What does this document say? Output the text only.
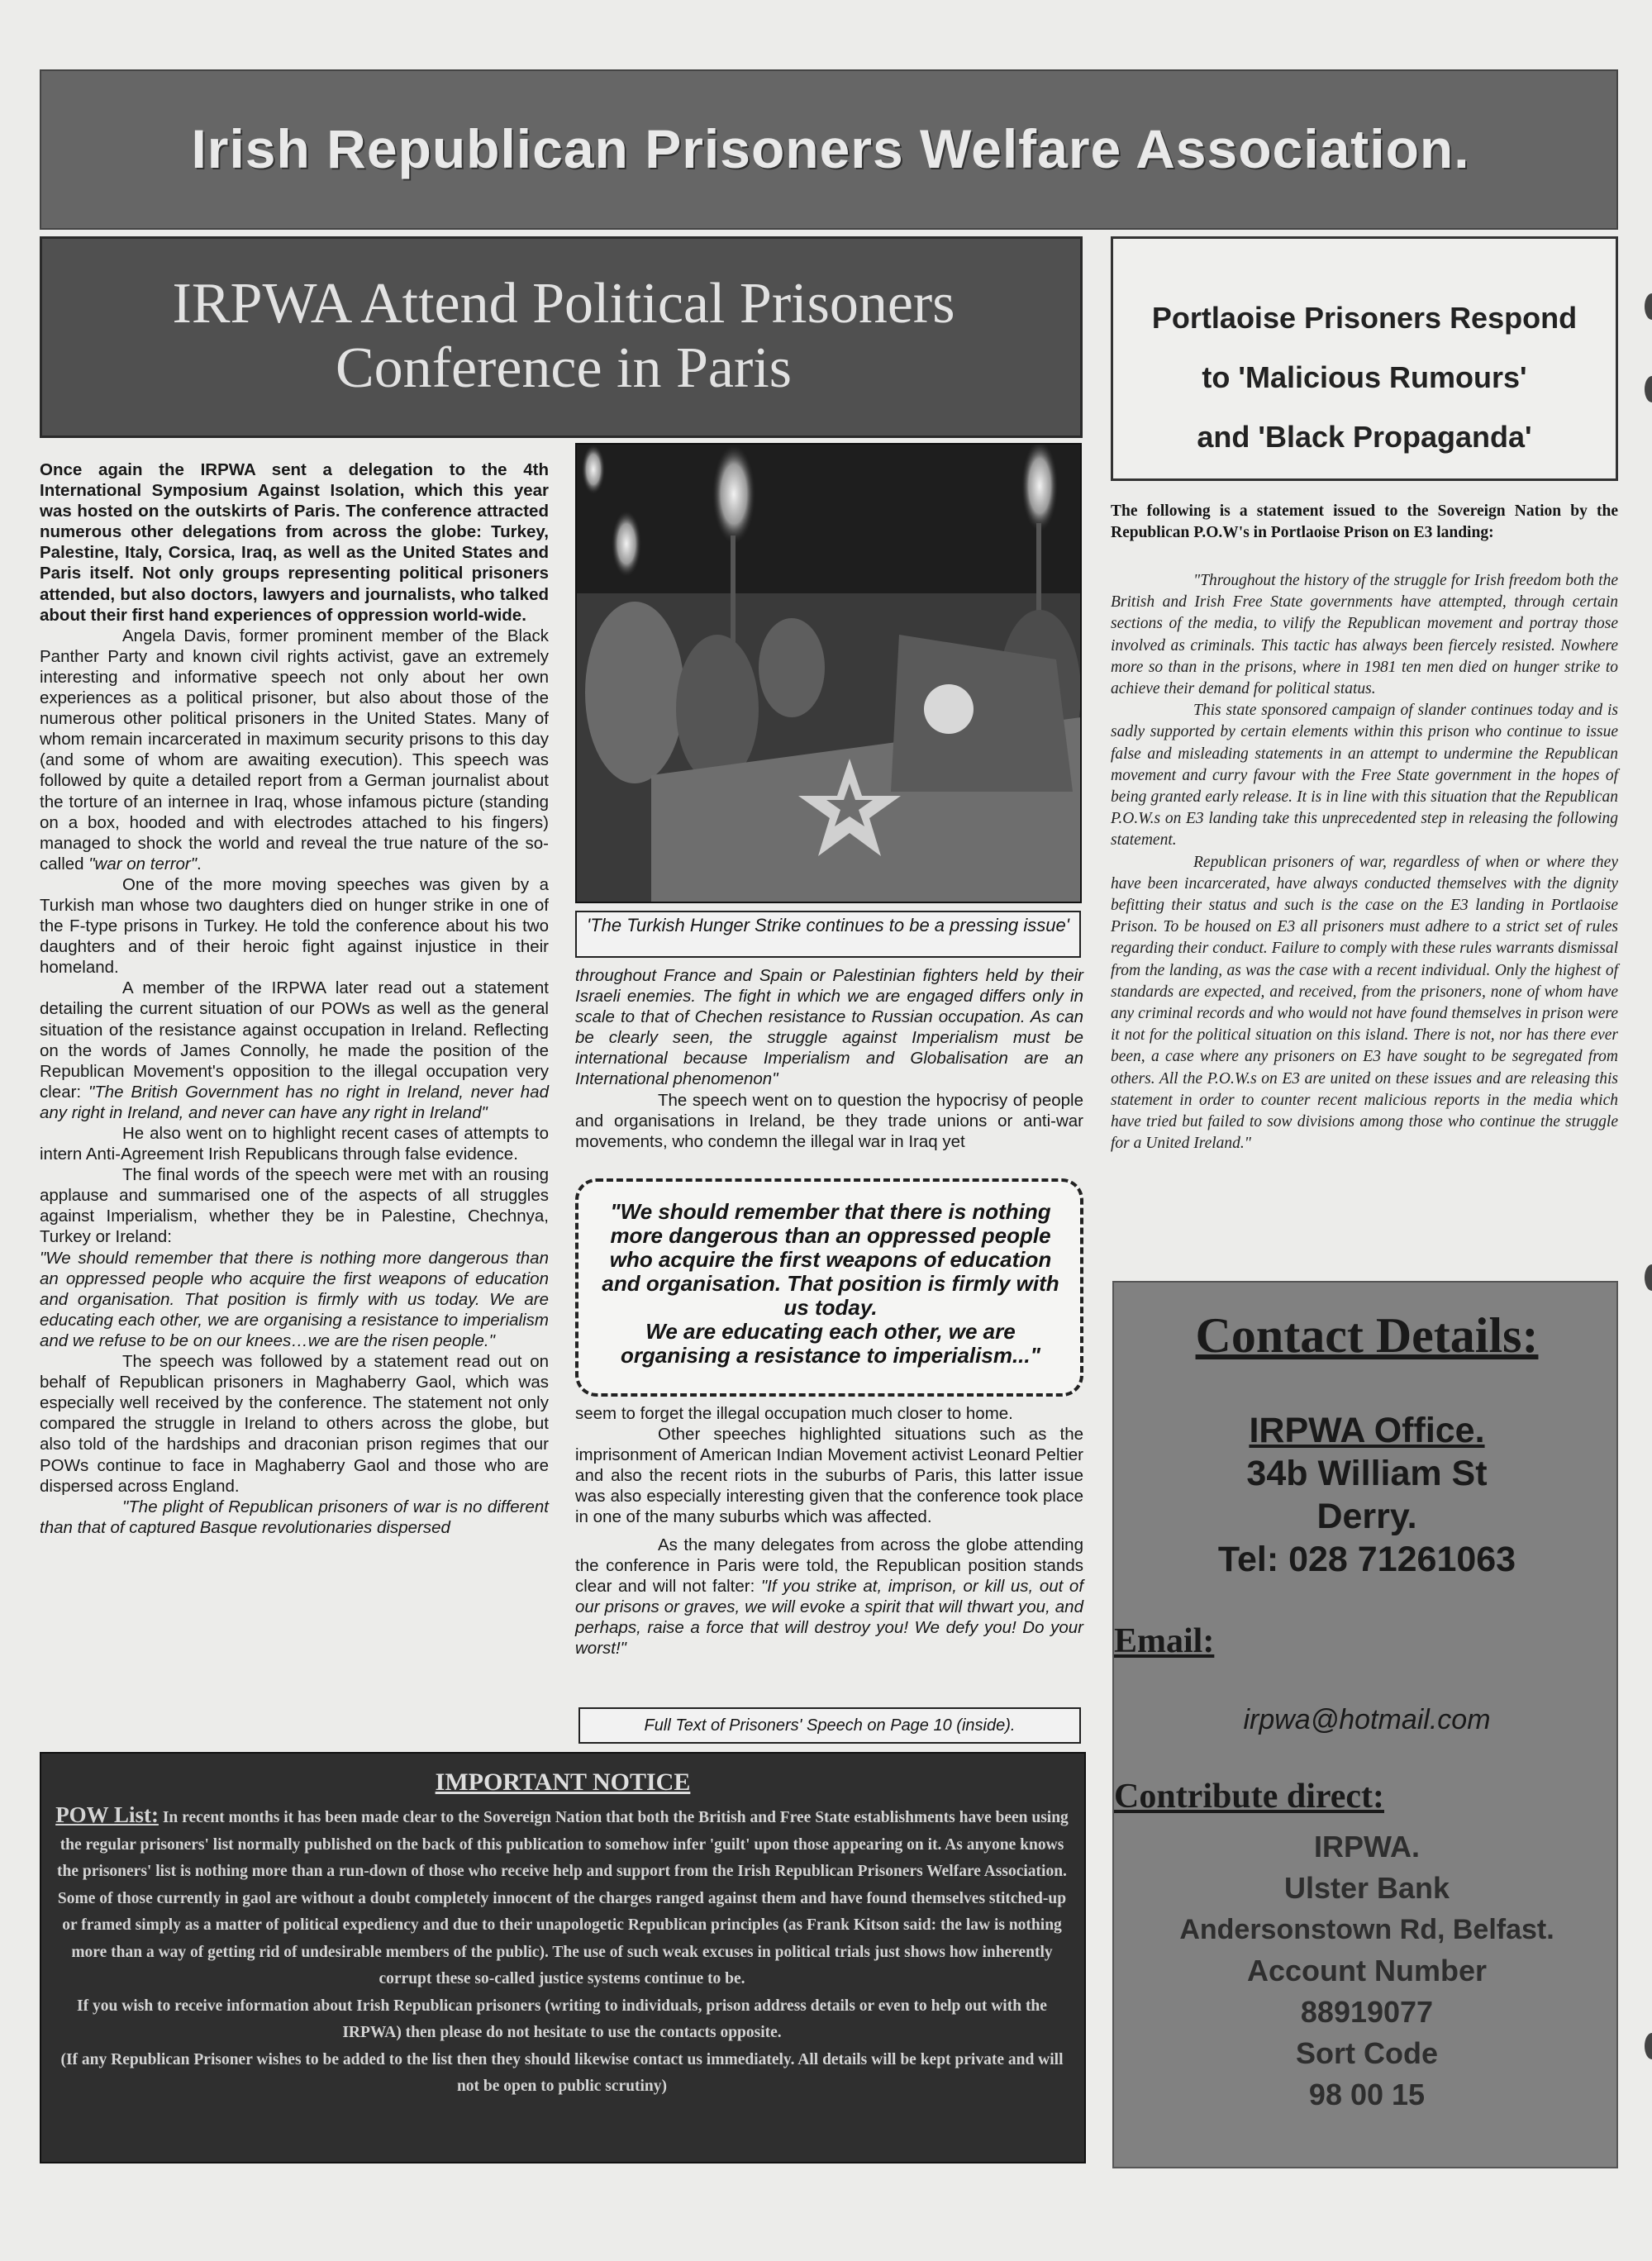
Irish Republican Prisoners Welfare Association.
IRPWA Attend Political Prisoners
Conference in Paris

Once again the IRPWA sent a delegation to the 4th International Symposium Against Isolation, which this year was hosted on the outskirts of Paris. The conference attracted numerous other delegations from across the globe: Turkey, Palestine, Italy, Corsica, Iraq, as well as the United States and Paris itself. Not only groups representing political prisoners attended, but also doctors, lawyers and journalists, who talked about their first hand experiences of oppression world-wide.

Angela Davis, former prominent member of the Black Panther Party and known civil rights activist, gave an extremely interesting and informative speech not only about her own experiences as a political prisoner, but also about those of the numerous other political prisoners in the United States. Many of whom remain incarcerated in maximum security prisons to this day (and some of whom are awaiting execution). This speech was followed by quite a detailed report from a German journalist about the torture of an internee in Iraq, whose infamous picture (standing on a box, hooded and with electrodes attached to his fingers) managed to shock the world and reveal the true nature of the so-called "war on terror".

One of the more moving speeches was given by a Turkish man whose two daughters died on hunger strike in one of the F-type prisons in Turkey. He told the conference about his two daughters and of their heroic fight against injustice in their homeland.

A member of the IRPWA later read out a statement detailing the current situation of our POWs as well as the general situation of the resistance against occupation in Ireland. Reflecting on the words of James Connolly, he made the position of the Republican Movement's opposition to the illegal occupation very clear: "The British Government has no right in Ireland, never had any right in Ireland, and never can have any right in Ireland"

He also went on to highlight recent cases of attempts to intern Anti-Agreement Irish Republicans through false evidence.

The final words of the speech were met with an rousing applause and summarised one of the aspects of all struggles against Imperialism, whether they be in Palestine, Chechnya, Turkey or Ireland:

"We should remember that there is nothing more dangerous than an oppressed people who acquire the first weapons of education and organisation. That position is firmly with us today. We are educating each other, we are organising a resistance to imperialism and we refuse to be on our knees…we are the risen people."

The speech was followed by a statement read out on behalf of Republican prisoners in Maghaberry Gaol, which was especially well received by the conference. The statement not only compared the struggle in Ireland to others across the globe, but also told of the hardships and draconian prison regimes that our POWs continue to face in Maghaberry Gaol and those who are dispersed across England.

"The plight of Republican prisoners of war is no different than that of captured Basque revolutionaries dispersed

'The Turkish Hunger Strike continues to be a pressing issue'

throughout France and Spain or Palestinian fighters held by their Israeli enemies. The fight in which we are engaged differs only in scale to that of Chechen resistance to Russian occupation. As can be clearly seen, the struggle against Imperialism must be international because Imperialism and Globalisation are an International phenomenon"

The speech went on to question the hypocrisy of people and organisations in Ireland, be they trade unions or anti-war movements, who condemn the illegal war in Iraq yet

"We should remember that there is nothing more dangerous than an oppressed people who acquire the first weapons of education and organisation. That position is firmly with us today.
We are educating each other, we are organising a resistance to imperialism..."

seem to forget the illegal occupation much closer to home.

Other speeches highlighted situations such as the imprisonment of American Indian Movement activist Leonard Peltier and also the recent riots in the suburbs of Paris, this latter issue was also especially interesting given that the conference took place in one of the many suburbs which was affected.

As the many delegates from across the globe attending the conference in Paris were told, the Republican position stands clear and will not falter: "If you strike at, imprison, or kill us, out of our prisons or graves, we will evoke a spirit that will thwart you, and perhaps, raise a force that will destroy you! We defy you! Do your worst!"

Full Text of Prisoners' Speech on Page 10 (inside).
IMPORTANT NOTICE
POW List: In recent months it has been made clear to the Sovereign Nation that both the British and Free State establishments have been using the regular prisoners' list normally published on the back of this publication to somehow infer 'guilt' upon those appearing on it. As anyone knows the prisoners' list is nothing more than a run-down of those who receive help and support from the Irish Republican Prisoners Welfare Association. Some of those currently in gaol are without a doubt completely innocent of the charges ranged against them and have found themselves stitched-up or framed simply as a matter of political expediency and due to their unapologetic Republican principles (as Frank Kitson said: the law is nothing more than a way of getting rid of undesirable members of the public). The use of such weak excuses in political trials just shows how inherently corrupt these so-called justice systems continue to be.
If you wish to receive information about Irish Republican prisoners (writing to individuals, prison address details or even to help out with the IRPWA) then please do not hesitate to use the contacts opposite.
(If any Republican Prisoner wishes to be added to the list then they should likewise contact us immediately. All details will be kept private and will not be open to public scrutiny)
Portlaoise Prisoners Respond
to 'Malicious Rumours'
and 'Black Propaganda'
The following is a statement issued to the Sovereign Nation by the Republican P.O.W's in Portlaoise Prison on E3 landing:

"Throughout the history of the struggle for Irish freedom both the British and Irish Free State governments have attempted, through certain sections of the media, to vilify the Republican movement and portray those involved as criminals. This tactic has always been fiercely resisted. Nowhere more so than in the prisons, where in 1981 ten men died on hunger strike to achieve their demand for political status.

This state sponsored campaign of slander continues today and is sadly supported by certain elements within this prison who continue to issue false and misleading statements in an attempt to undermine the Republican movement and curry favour with the Free State government in the hopes of being granted early release. It is in line with this situation that the Republican P.O.W.s on E3 landing take this unprecedented step in releasing the following statement.

Republican prisoners of war, regardless of when or where they have been incarcerated, have always conducted themselves with the dignity befitting their status and such is the case on the E3 landing in Portlaoise Prison. To be housed on E3 all prisoners must adhere to a strict set of rules regarding their conduct. Failure to comply with these rules warrants dismissal from the landing, as was the case with a recent individual. Only the highest of standards are expected, and received, from the prisoners, none of whom have any criminal records and who would not have found themselves in prison were it not for the political situation on this island. There is not, nor has there ever been, a case where any prisoners on E3 have sought to be segregated from others. All the P.O.W.s on E3 are united on these issues and are releasing this statement in order to counter recent malicious reports in the media which have tried but failed to sow divisions among those who continue the struggle for a United Ireland."

Contact Details:
IRPWA Office.
34b William St
Derry.
Tel: 028 71261063
Email:
irpwa@hotmail.com
Contribute direct:
IRPWA.
Ulster Bank
Andersonstown Rd, Belfast.
Account Number
88919077
Sort Code
98 00 15
